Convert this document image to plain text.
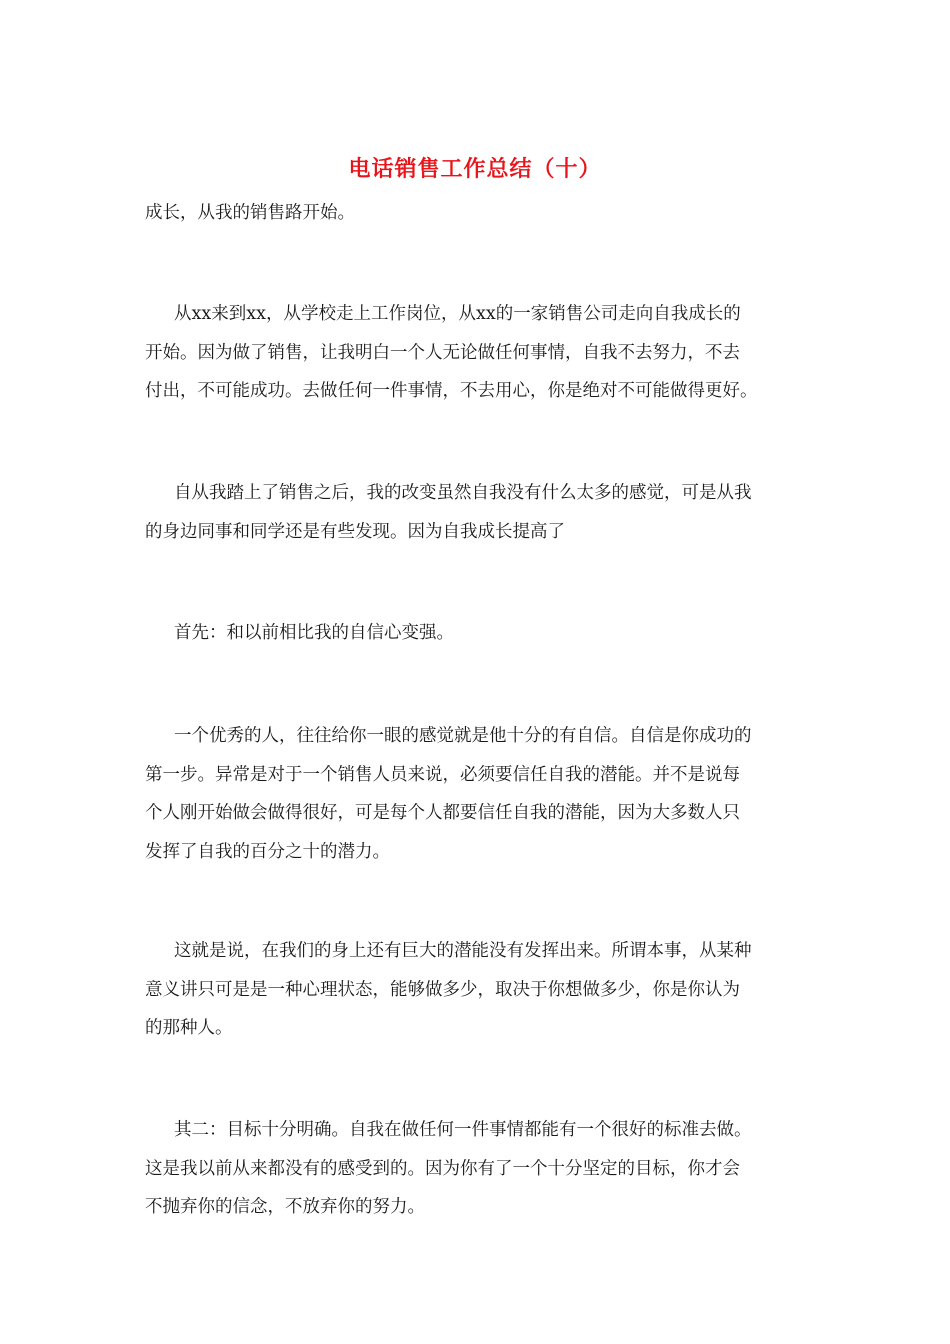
电话销售工作总结（十）

成长，从我的销售路开始。

从xx来到xx，从学校走上工作岗位，从xx的一家销售公司走向自我成长的
开始。因为做了销售，让我明白一个人无论做任何事情，自我不去努力，不去
付出，不可能成功。去做任何一件事情，不去用心，你是绝对不可能做得更好。

自从我踏上了销售之后，我的改变虽然自我没有什么太多的感觉，可是从我
的身边同事和同学还是有些发现。因为自我成长提高了

首先：和以前相比我的自信心变强。

一个优秀的人，往往给你一眼的感觉就是他十分的有自信。自信是你成功的
第一步。异常是对于一个销售人员来说，必须要信任自我的潜能。并不是说每
个人刚开始做会做得很好，可是每个人都要信任自我的潜能，因为大多数人只
发挥了自我的百分之十的潜力。

这就是说，在我们的身上还有巨大的潜能没有发挥出来。所谓本事，从某种
意义讲只可是是一种心理状态，能够做多少，取决于你想做多少，你是你认为
的那种人。

其二：目标十分明确。自我在做任何一件事情都能有一个很好的标准去做。
这是我以前从来都没有的感受到的。因为你有了一个十分坚定的目标，你才会
不抛弃你的信念，不放弃你的努力。
